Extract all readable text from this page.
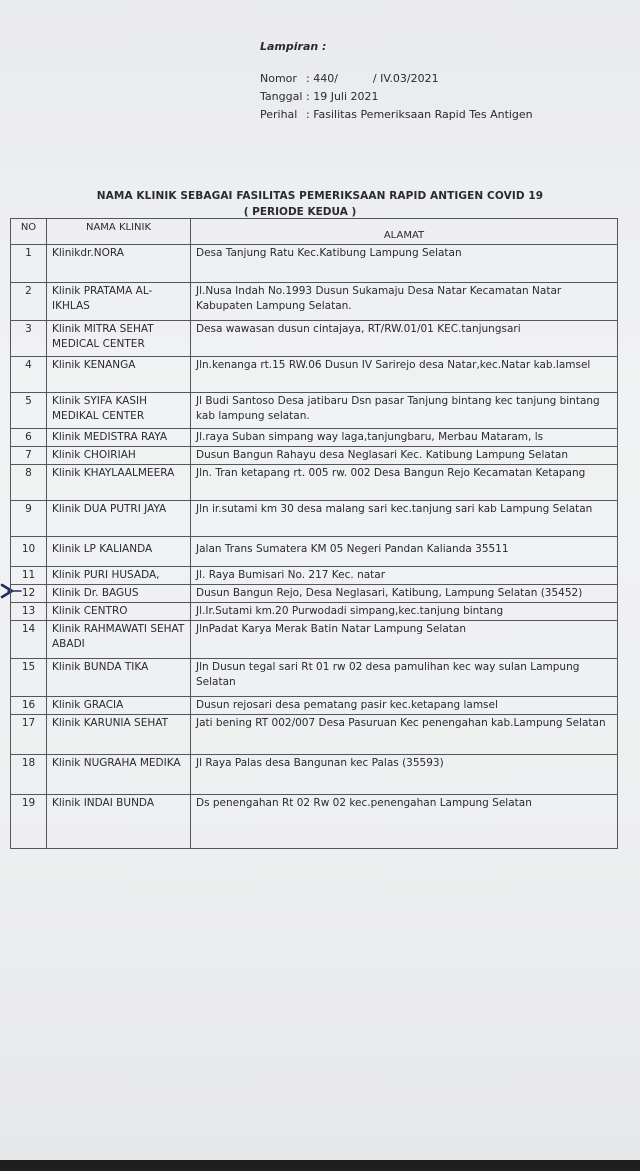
Lampiran :
Nomor : 440/          / IV.03/2021
Tanggal : 19 Juli 2021
Perihal : Fasilitas Pemeriksaan Rapid Tes Antigen
NAMA KLINIK SEBAGAI FASILITAS PEMERIKSAAN RAPID ANTIGEN COVID 19
( PERIODE KEDUA )
NO	NAMA KLINIK	ALAMAT
1	Klinikdr.NORA	Desa Tanjung Ratu Kec.Katibung Lampung Selatan
2	Klinik PRATAMA AL-IKHLAS	Jl.Nusa Indah No.1993 Dusun Sukamaju Desa Natar Kecamatan Natar Kabupaten Lampung Selatan.
3	Klinik MITRA SEHAT MEDICAL CENTER	Desa wawasan dusun cintajaya, RT/RW.01/01 KEC.tanjungsari
4	Klinik KENANGA	Jln.kenanga rt.15 RW.06 Dusun IV Sarirejo desa Natar,kec.Natar kab.lamsel
5	Klinik SYIFA KASIH MEDIKAL CENTER	Jl Budi Santoso Desa jatibaru Dsn pasar Tanjung bintang kec tanjung bintang kab lampung selatan.
6	Klinik MEDISTRA RAYA	Jl.raya Suban simpang way laga,tanjungbaru, Merbau Mataram, ls
7	Klinik CHOIRIAH	Dusun Bangun Rahayu desa Neglasari Kec. Katibung Lampung Selatan
8	Klinik KHAYLAALMEERA	Jln. Tran ketapang rt. 005 rw. 002 Desa Bangun Rejo Kecamatan Ketapang
9	Klinik DUA PUTRI JAYA	Jln ir.sutami km 30 desa malang sari kec.tanjung sari kab Lampung Selatan
10	Klinik LP KALIANDA	Jalan Trans Sumatera KM 05 Negeri Pandan Kalianda 35511
11	Klinik PURI HUSADA,	Jl. Raya Bumisari No. 217 Kec. natar
12	Klinik Dr. BAGUS	Dusun Bangun Rejo, Desa Neglasari, Katibung, Lampung Selatan (35452)
13	Klinik CENTRO	Jl.Ir.Sutami km.20 Purwodadi simpang,kec.tanjung bintang
14	Klinik RAHMAWATI SEHAT ABADI	JlnPadat Karya Merak Batin Natar Lampung Selatan
15	Klinik BUNDA TIKA	Jln Dusun tegal sari Rt 01 rw 02 desa pamulihan kec way sulan Lampung Selatan
16	Klinik GRACIA	Dusun rejosari desa pematang pasir kec.ketapang lamsel
17	Klinik KARUNIA SEHAT	Jati bening RT 002/007 Desa Pasuruan Kec penengahan kab.Lampung Selatan
18	Klinik NUGRAHA MEDIKA	Jl Raya Palas desa Bangunan kec Palas (35593)
19	Klinik INDAI BUNDA	Ds penengahan Rt 02 Rw 02 kec.penengahan Lampung Selatan
